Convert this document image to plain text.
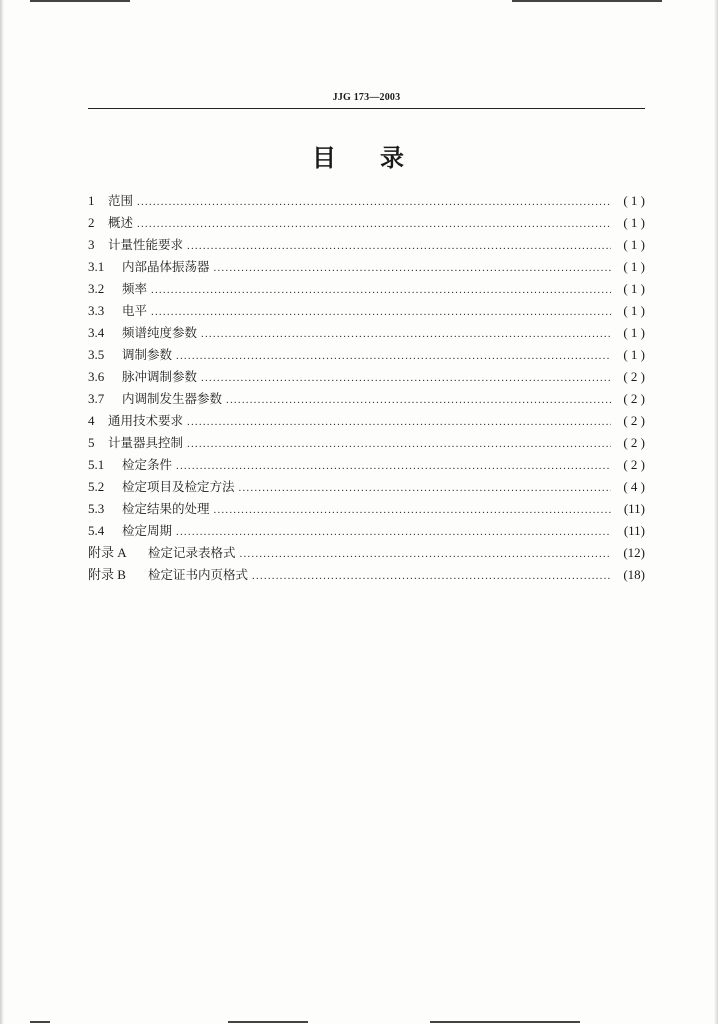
JJG 173—2003
目 录
1	范围 .....	( 1 )
2	概述 .....	( 1 )
3	计量性能要求 .....	( 1 )
3.1	内部晶体振荡器 .....	( 1 )
3.2	频率 .....	( 1 )
3.3	电平 .....	( 1 )
3.4	频谱纯度参数 .....	( 1 )
3.5	调制参数 .....	( 1 )
3.6	脉冲调制参数 .....	( 2 )
3.7	内调制发生器参数 .....	( 2 )
4	通用技术要求 .....	( 2 )
5	计量器具控制 .....	( 2 )
5.1	检定条件 .....	( 2 )
5.2	检定项目及检定方法 .....	( 4 )
5.3	检定结果的处理 .....	(11)
5.4	检定周期 .....	(11)
附录 A	检定记录表格式 .....	(12)
附录 B	检定证书内页格式 .....	(18)
